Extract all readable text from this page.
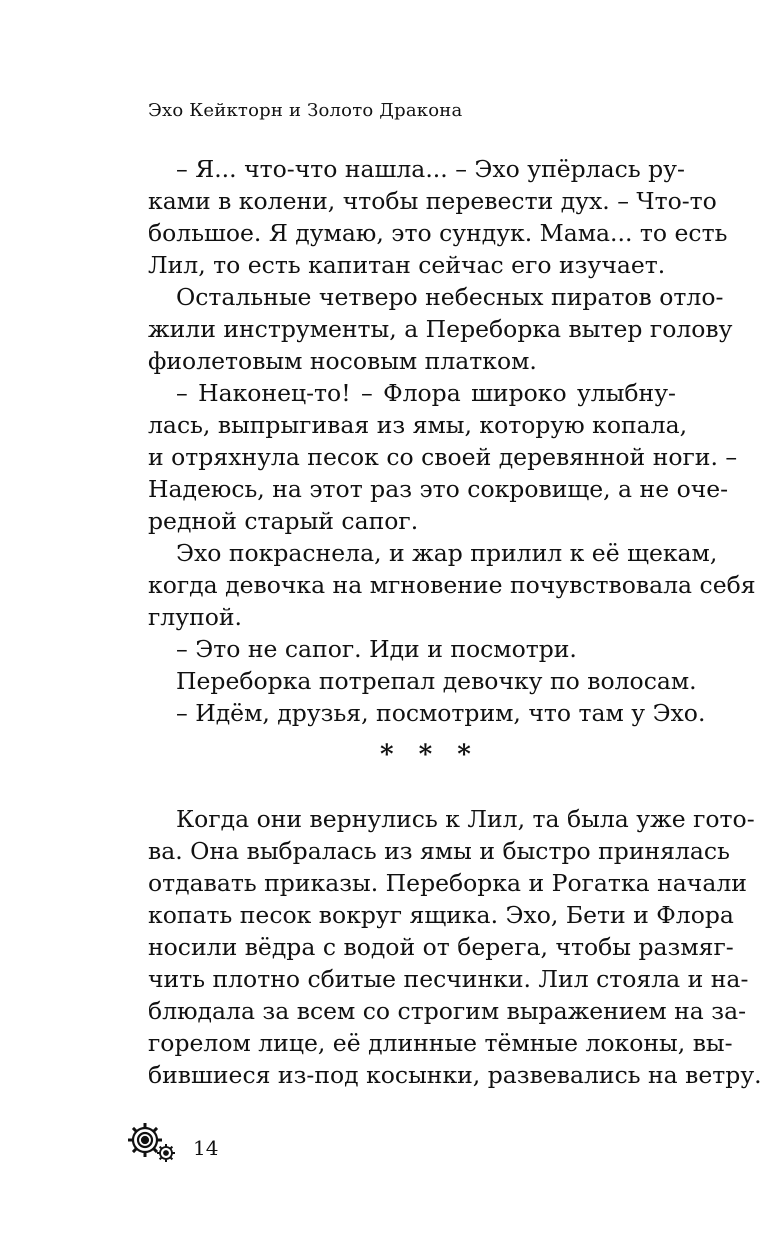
Эхо Кейкторн и Золото Дракона

– Я... что-что нашла... – Эхо упёрлась ру-
ками в колени, чтобы перевести дух. – Что-то
большое. Я думаю, это сундук. Мама... то есть
Лил, то есть капитан сейчас его изучает.

Остальные четверо небесных пиратов отло-
жили инструменты, а Переборка вытер голову
фиолетовым носовым платком.

– Наконец-то! – Флора широко улыбну-
лась, выпрыгивая из ямы, которую копала,
и отряхнула песок со своей деревянной ноги. –
Надеюсь, на этот раз это сокровище, а не оче-
редной старый сапог.

Эхо покраснела, и жар прилил к её щекам,
когда девочка на мгновение почувствовала себя
глупой.

– Это не сапог. Иди и посмотри.

Переборка потрепал девочку по волосам.

– Идём, друзья, посмотрим, что там у Эхо.

* * *

Когда они вернулись к Лил, та была уже гото-
ва. Она выбралась из ямы и быстро принялась
отдавать приказы. Переборка и Рогатка начали
копать песок вокруг ящика. Эхо, Бети и Флора
носили вёдра с водой от берега, чтобы размяг-
чить плотно сбитые песчинки. Лил стояла и на-
блюдала за всем со строгим выражением на за-
горелом лице, её длинные тёмные локоны, вы-
бившиеся из-под косынки, развевались на ветру.

14
